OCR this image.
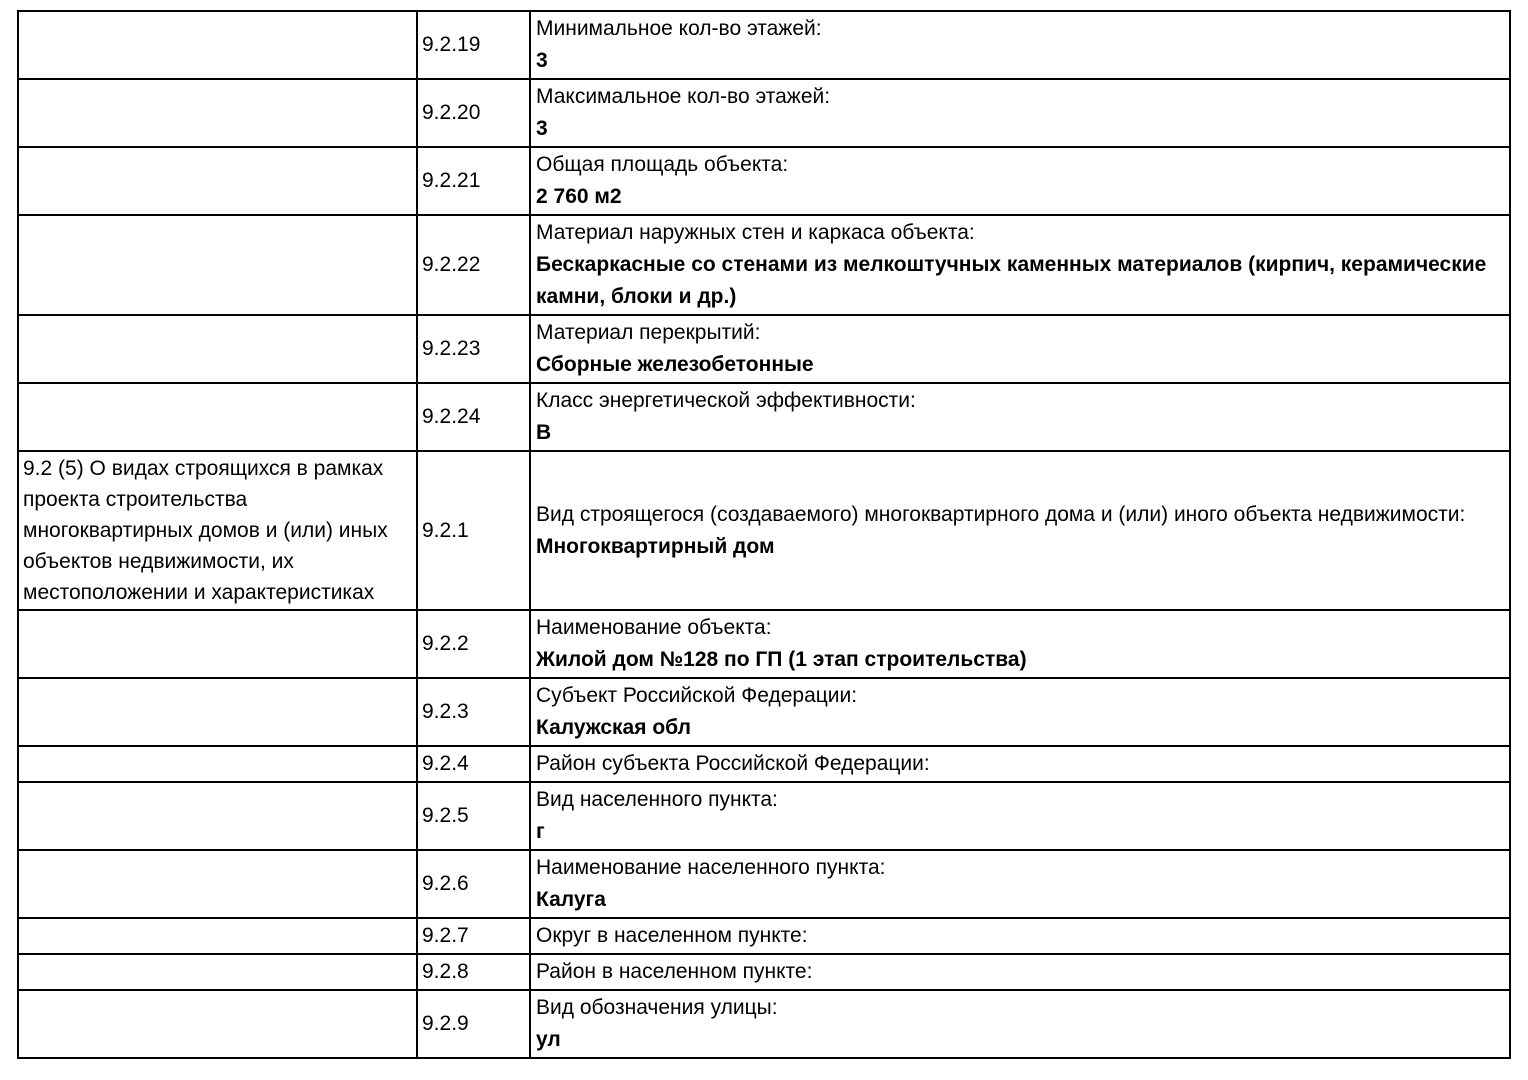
	9.2.19	Минимальное кол-во этажей:
3

	9.2.20	Максимальное кол-во этажей:
3

	9.2.21	Общая площадь объекта:
2 760 м2

	9.2.22	Материал наружных стен и каркаса объекта:
Бескаркасные со стенами из мелкоштучных каменных материалов (кирпич, керамические камни, блоки и др.)

	9.2.23	Материал перекрытий:
Сборные железобетонные

	9.2.24	Класс энергетической эффективности:
В

9.2 (5) О видах строящихся в рамках проекта строительства многоквартирных домов и (или) иных объектов недвижимости, их местоположении и характеристиках	9.2.1	Вид строящегося (создаваемого) многоквартирного дома и (или) иного объекта недвижимости:
Многоквартирный дом

	9.2.2	Наименование объекта:
Жилой дом №128 по ГП (1 этап строительства)

	9.2.3	Субъект Российской Федерации:
Калужская обл

	9.2.4	Район субъекта Российской Федерации:

	9.2.5	Вид населенного пункта:
г

	9.2.6	Наименование населенного пункта:
Калуга

	9.2.7	Округ в населенном пункте:

	9.2.8	Район в населенном пункте:

	9.2.9	Вид обозначения улицы:
ул
